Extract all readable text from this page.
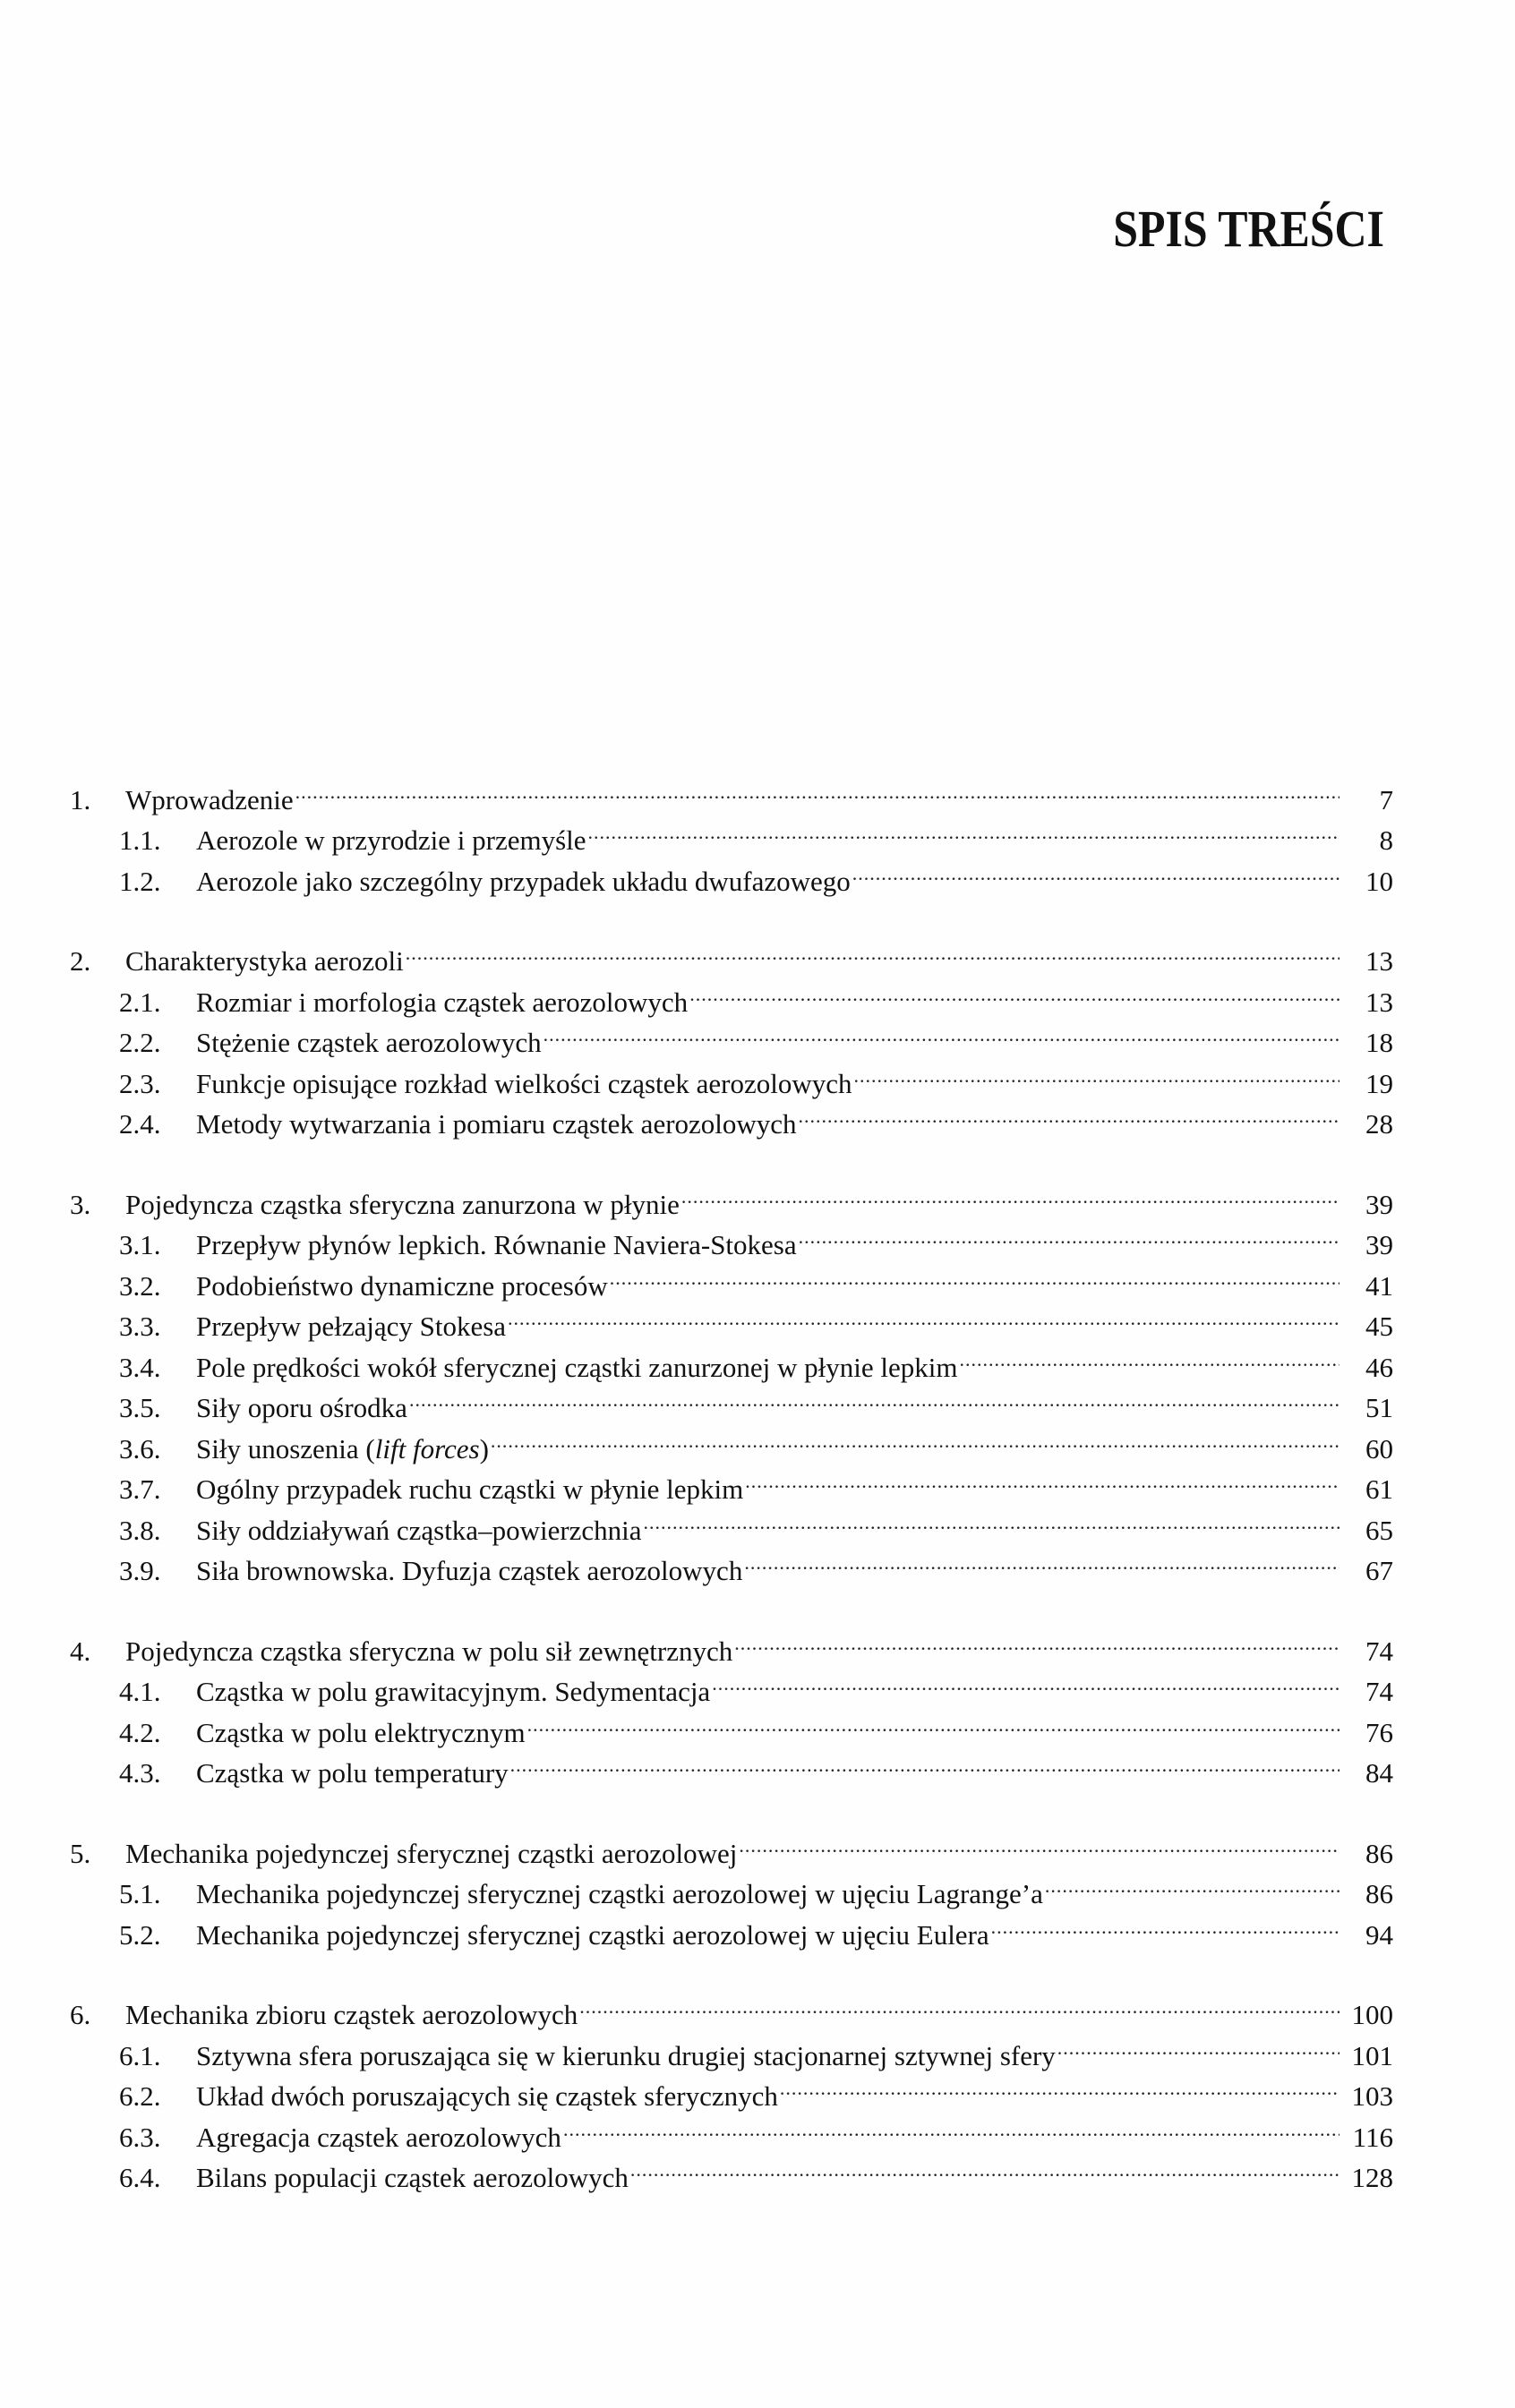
SPIS TREŚCI
1.	Wprowadzenie .....	7
1.1.	Aerozole w przyrodzie i przemyśle .....	8
1.2.	Aerozole jako szczególny przypadek układu dwufazowego .....	10
2.	Charakterystyka aerozoli .....	13
2.1.	Rozmiar i morfologia cząstek aerozolowych .....	13
2.2.	Stężenie cząstek aerozolowych .....	18
2.3.	Funkcje opisujące rozkład wielkości cząstek aerozolowych .....	19
2.4.	Metody wytwarzania i pomiaru cząstek aerozolowych .....	28
3.	Pojedyncza cząstka sferyczna zanurzona w płynie .....	39
3.1.	Przepływ płynów lepkich. Równanie Naviera-Stokesa .....	39
3.2.	Podobieństwo dynamiczne procesów .....	41
3.3.	Przepływ pełzający Stokesa .....	45
3.4.	Pole prędkości wokół sferycznej cząstki zanurzonej w płynie lepkim .....	46
3.5.	Siły oporu ośrodka .....	51
3.6.	Siły unoszenia (lift forces) .....	60
3.7.	Ogólny przypadek ruchu cząstki w płynie lepkim .....	61
3.8.	Siły oddziaływań cząstka–powierzchnia .....	65
3.9.	Siła brownowska. Dyfuzja cząstek aerozolowych .....	67
4.	Pojedyncza cząstka sferyczna w polu sił zewnętrznych .....	74
4.1.	Cząstka w polu grawitacyjnym. Sedymentacja .....	74
4.2.	Cząstka w polu elektrycznym .....	76
4.3.	Cząstka w polu temperatury .....	84
5.	Mechanika pojedynczej sferycznej cząstki aerozolowej .....	86
5.1.	Mechanika pojedynczej sferycznej cząstki aerozolowej w ujęciu Lagrange’a .....	86
5.2.	Mechanika pojedynczej sferycznej cząstki aerozolowej w ujęciu Eulera .....	94
6.	Mechanika zbioru cząstek aerozolowych .....	100
6.1.	Sztywna sfera poruszająca się w kierunku drugiej stacjonarnej sztywnej sfery .....	101
6.2.	Układ dwóch poruszających się cząstek sferycznych .....	103
6.3.	Agregacja cząstek aerozolowych .....	116
6.4.	Bilans populacji cząstek aerozolowych .....	128
